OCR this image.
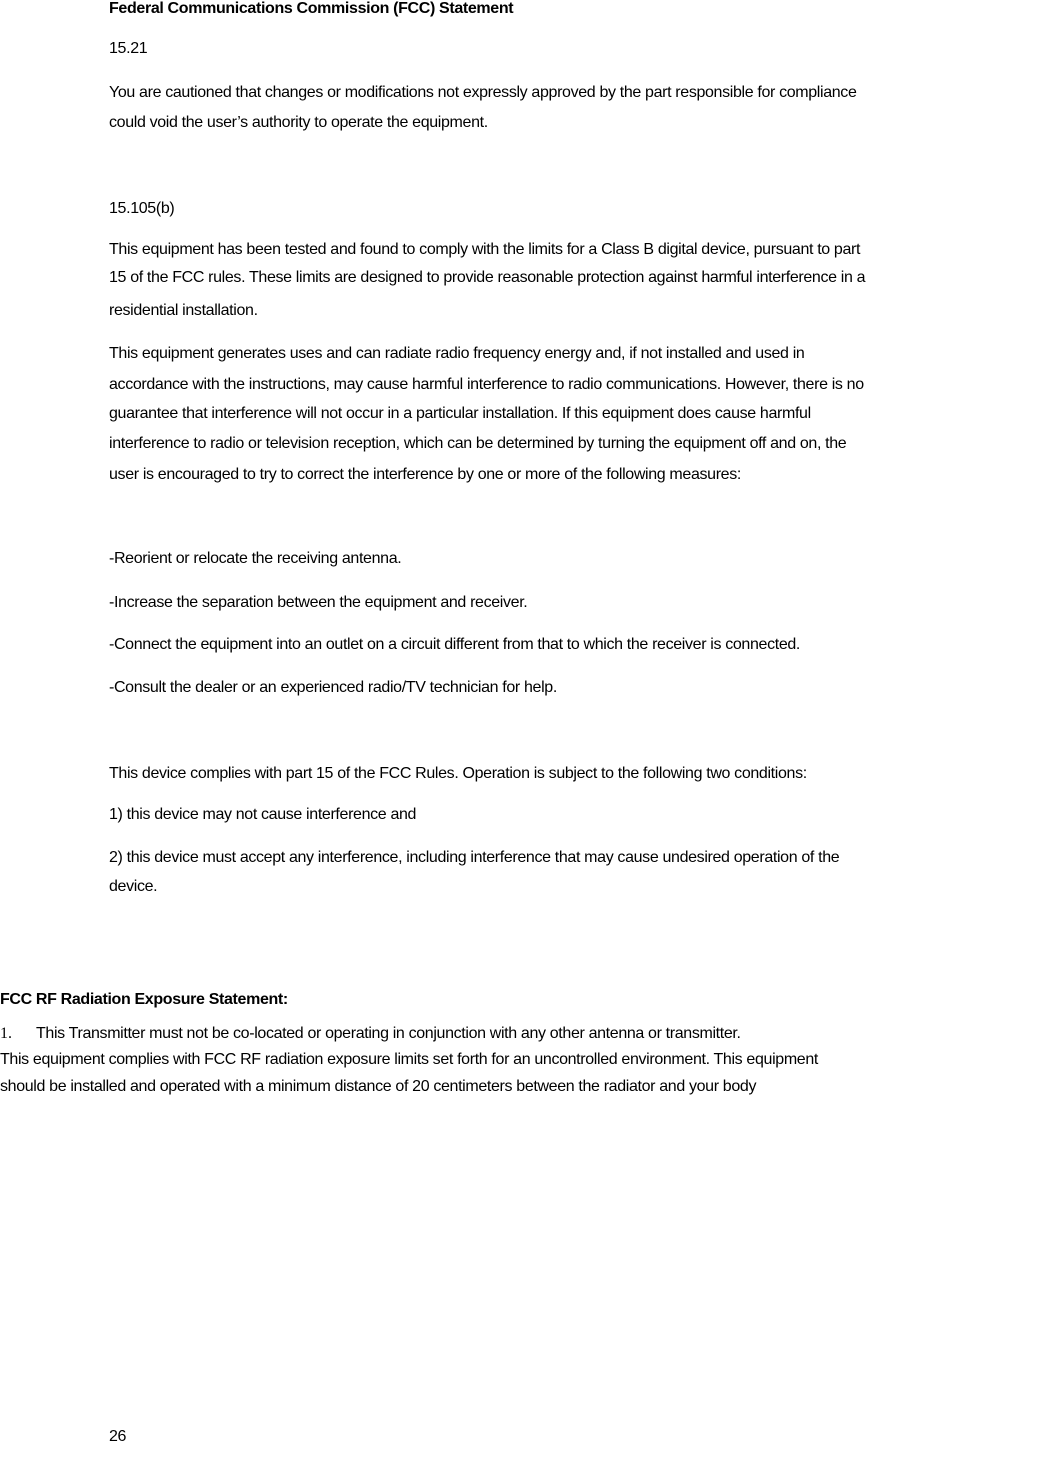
Federal Communications Commission (FCC) Statement

15.21

You are cautioned that changes or modifications not expressly approved by the part responsible for compliance

could void the user’s authority to operate the equipment.

15.105(b)

This equipment has been tested and found to comply with the limits for a Class B digital device, pursuant to part

15 of the FCC rules. These limits are designed to provide reasonable protection against harmful interference in a

residential installation.

This equipment generates uses and can radiate radio frequency energy and, if not installed and used in

accordance with the instructions, may cause harmful interference to radio communications. However, there is no

guarantee that interference will not occur in a particular installation. If this equipment does cause harmful

interference to radio or television reception, which can be determined by turning the equipment off and on, the

user is encouraged to try to correct the interference by one or more of the following measures:

-Reorient or relocate the receiving antenna.

-Increase the separation between the equipment and receiver.

-Connect the equipment into an outlet on a circuit different from that to which the receiver is connected.

-Consult the dealer or an experienced radio/TV technician for help.

This device complies with part 15 of the FCC Rules. Operation is subject to the following two conditions:

1) this device may not cause interference and

2) this device must accept any interference, including interference that may cause undesired operation of the

device.

FCC RF Radiation Exposure Statement:

1. This Transmitter must not be co-located or operating in conjunction with any other antenna or transmitter.

This equipment complies with FCC RF radiation exposure limits set forth for an uncontrolled environment. This equipment

should be installed and operated with a minimum distance of 20 centimeters between the radiator and your body

26
